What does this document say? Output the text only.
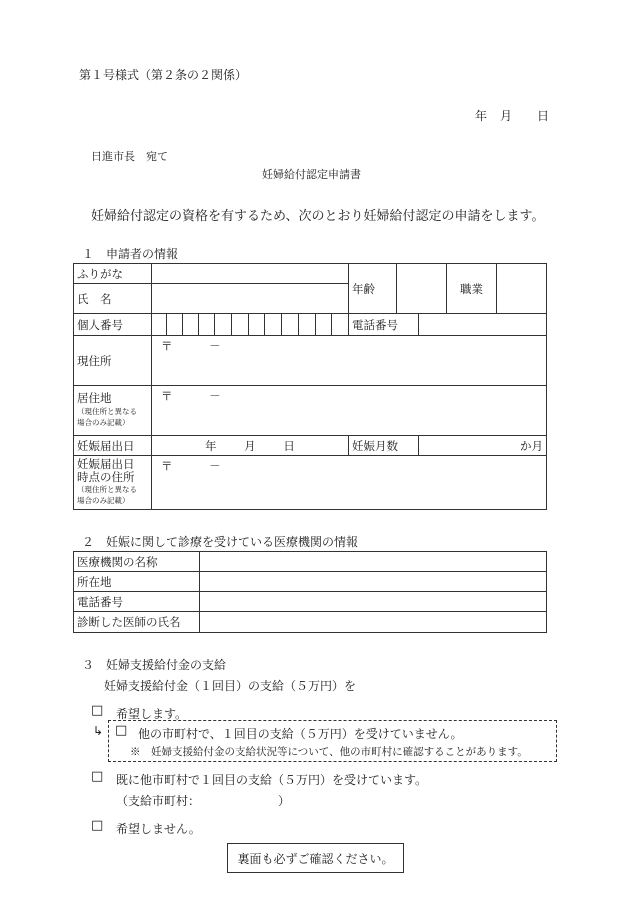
第１号様式（第２条の２関係）
年 月 日
日進市長　宛て
妊婦給付認定申請書
妊婦給付認定の資格を有するため、次のとおり妊婦給付認定の申請をします。
１　申請者の情報
ふりがな		年齢			職業	
氏　名						
個人番号		電話番号				
現住所	〒 －					

居住地
（現住所と異なる
場合のみ記載）	〒 －					
妊娠届出日	年 月 日	妊娠月数		か月		

妊娠届出日
時点の住所
（現住所と異なる
場合のみ記載）	〒 －					
２　妊娠に関して診療を受けている医療機関の情報
医療機関の名称	
所在地	
電話番号	
診断した医師の氏名	
３　妊婦支援給付金の支給
妊婦支援給付金（１回目）の支給（５万円）を
□ 希望します。
↳ □ 他の市町村で、１回目の支給（５万円）を受けていません。
※　妊婦支援給付金の支給状況等について、他の市町村に確認することがあります。
□ 既に他市町村で１回目の支給（５万円）を受けています。
（支給市町村：　　　　　　　）
□ 希望しません。
裏面も必ずご確認ください。
